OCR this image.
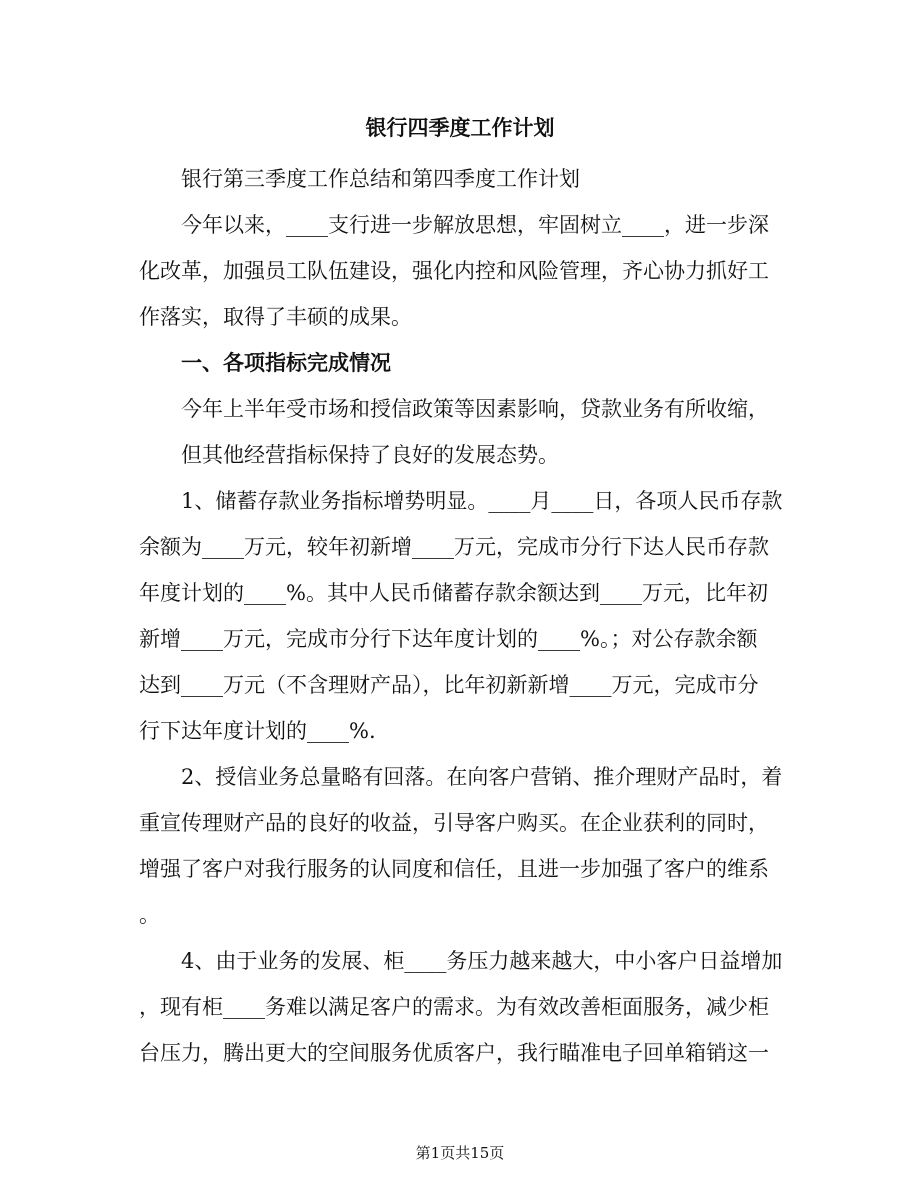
银行四季度工作计划
银行第三季度工作总结和第四季度工作计划
今年以来，____支行进一步解放思想，牢固树立____，进一步深
化改革，加强员工队伍建设，强化内控和风险管理，齐心协力抓好工
作落实，取得了丰硕的成果。
一、各项指标完成情况
今年上半年受市场和授信政策等因素影响，贷款业务有所收缩，
但其他经营指标保持了良好的发展态势。
1、储蓄存款业务指标增势明显。____月____日，各项人民币存款
余额为____万元，较年初新增____万元，完成市分行下达人民币存款
年度计划的____%。其中人民币储蓄存款余额达到____万元，比年初
新增____万元，完成市分行下达年度计划的____%。；对公存款余额
达到____万元（不含理财产品），比年初新新增____万元，完成市分
行下达年度计划的____%.
2、授信业务总量略有回落。在向客户营销、推介理财产品时，着
重宣传理财产品的良好的收益，引导客户购买。在企业获利的同时，
增强了客户对我行服务的认同度和信任，且进一步加强了客户的维系
。
4、由于业务的发展、柜____务压力越来越大，中小客户日益增加
，现有柜____务难以满足客户的需求。为有效改善柜面服务，减少柜
台压力，腾出更大的空间服务优质客户，我行瞄准电子回单箱销这一
第1页共15页
